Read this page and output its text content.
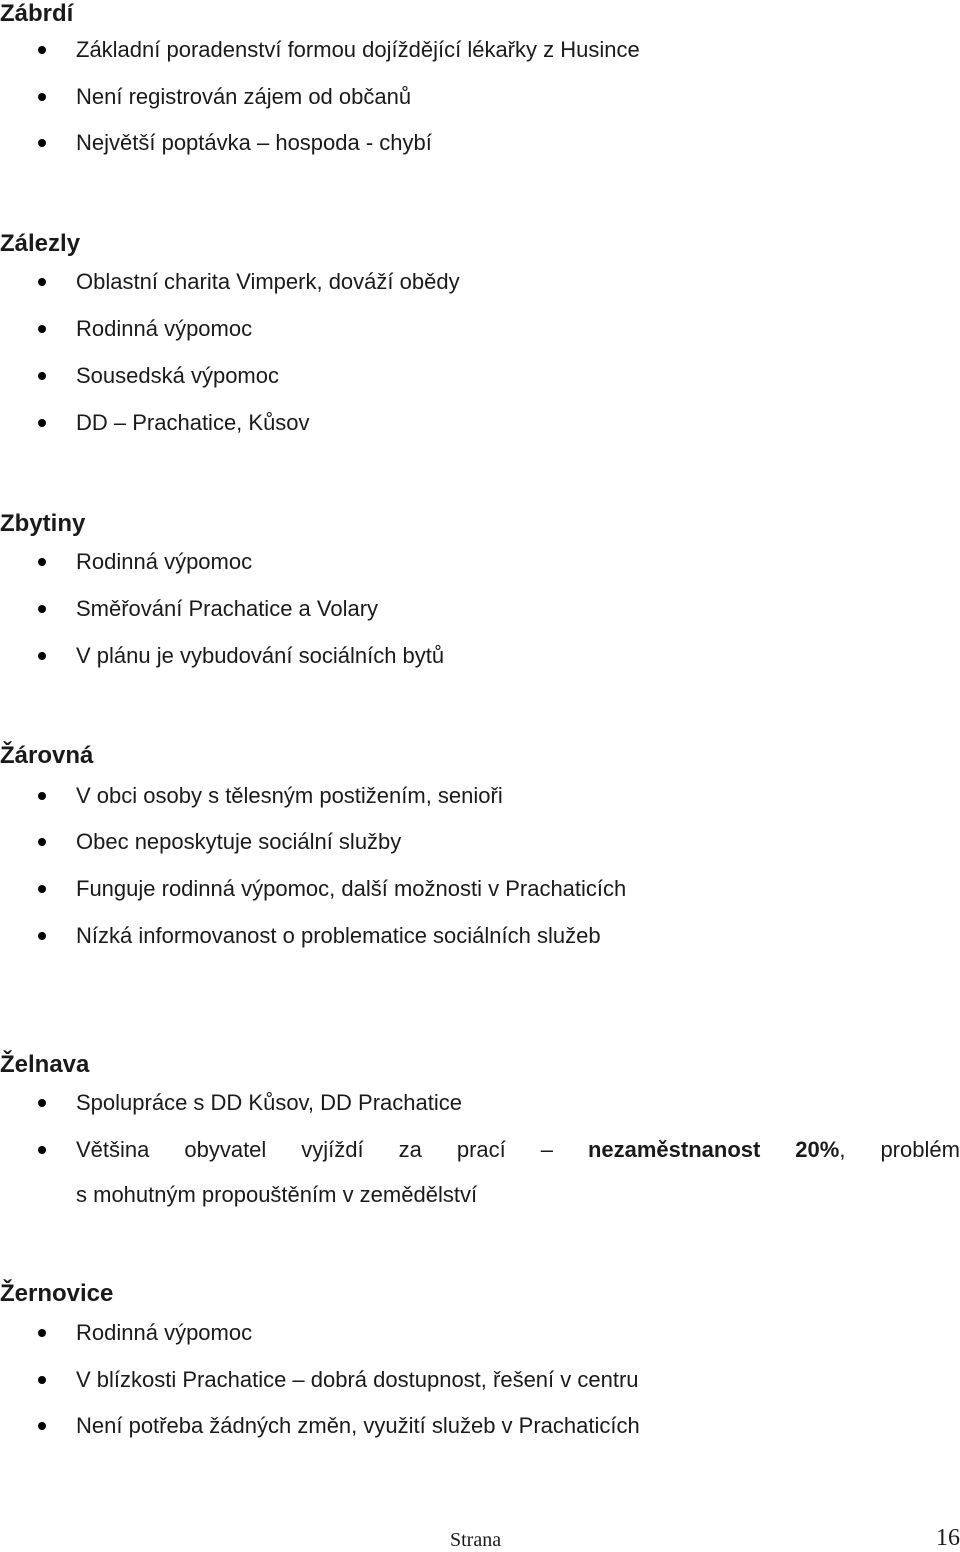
Zábrdí
Základní poradenství formou dojíždějící lékařky z Husince
Není registrován zájem od občanů
Největší poptávka – hospoda - chybí
Zálezly
Oblastní charita Vimperk, dováží obědy
Rodinná výpomoc
Sousedská výpomoc
DD – Prachatice, Kůsov
Zbytiny
Rodinná výpomoc
Směřování Prachatice a Volary
V plánu je vybudování sociálních bytů
Žárovná
V obci osoby s tělesným postižením, senioři
Obec neposkytuje sociální služby
Funguje rodinná výpomoc, další možnosti v Prachaticích
Nízká informovanost o problematice sociálních služeb
Želnava
Spolupráce s DD Kůsov, DD Prachatice
Většina obyvatel vyjíždí za prací – nezaměstnanost 20%, problém
s mohutným propouštěním v zemědělství
Žernovice
Rodinná výpomoc
V blízkosti Prachatice – dobrá dostupnost, řešení v centru
Není potřeba žádných změn, využití služeb v Prachaticích
Strana	16
